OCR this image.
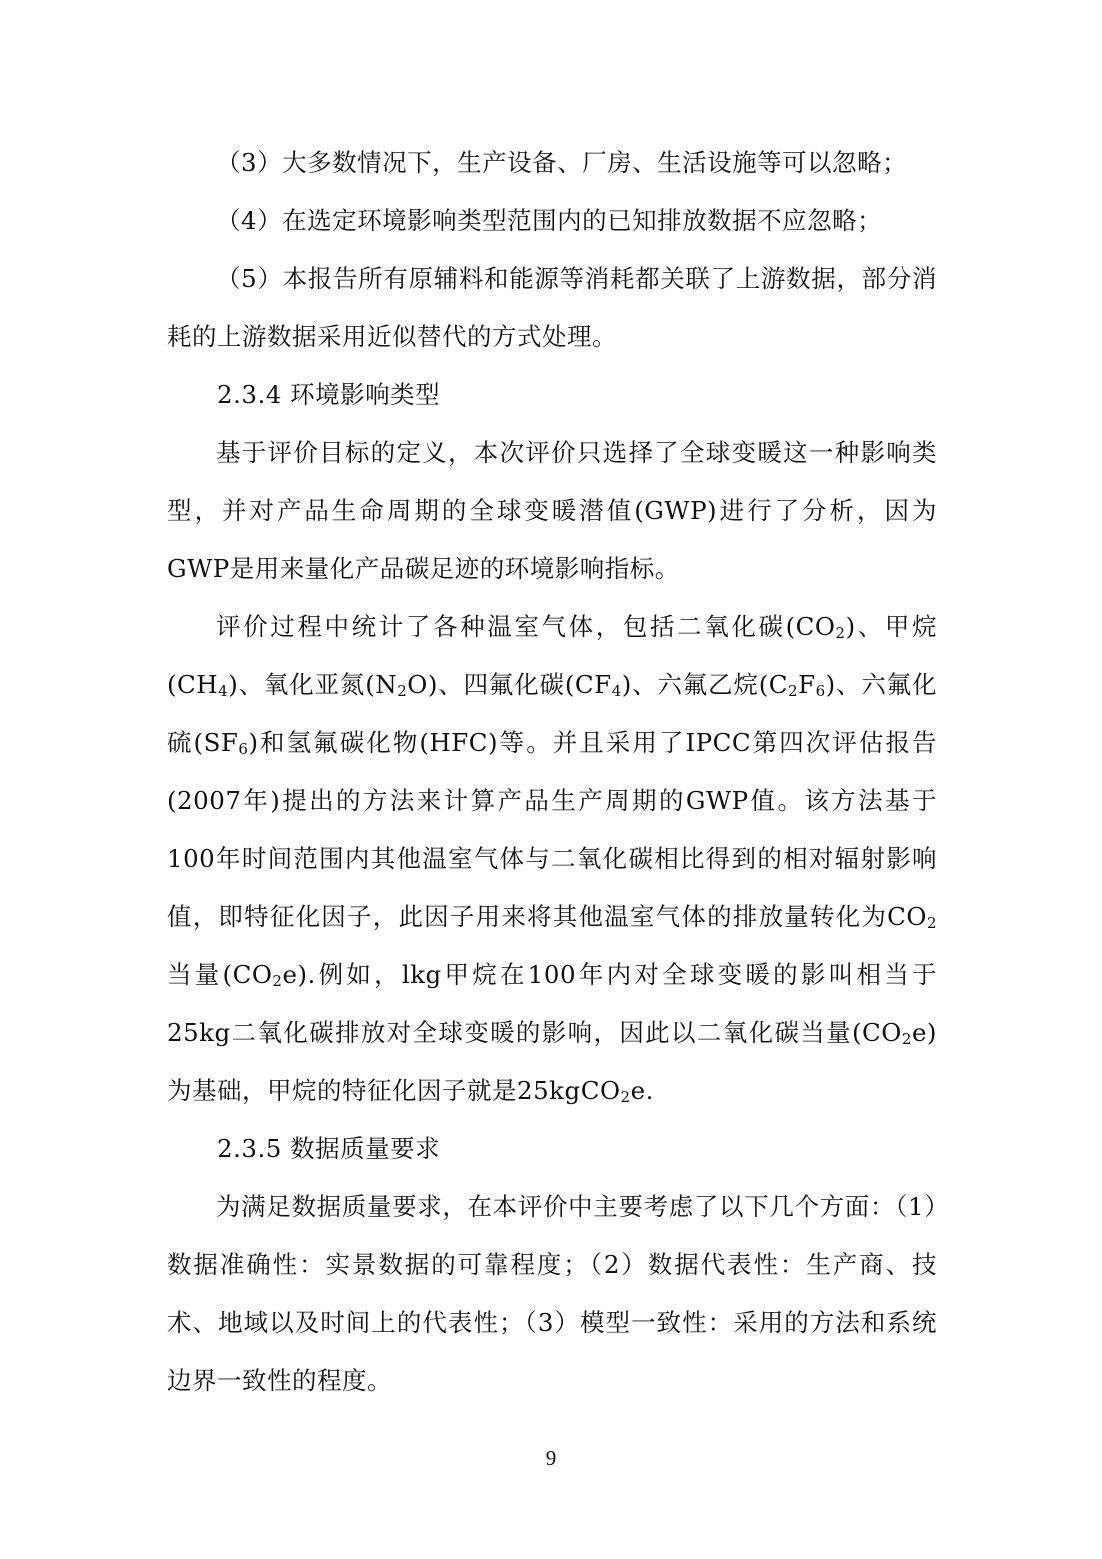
（3）大多数情况下，生产设备、厂房、生活设施等可以忽略；

（4）在选定环境影响类型范围内的已知排放数据不应忽略；

（5）本报告所有原辅料和能源等消耗都关联了上游数据，部分消耗的上游数据采用近似替代的方式处理。

2.3.4 环境影响类型

基于评价目标的定义，本次评价只选择了全球变暖这一种影响类型，并对产品生命周期的全球变暖潜值(GWP)进行了分析，因为GWP是用来量化产品碳足迹的环境影响指标。

评价过程中统计了各种温室气体，包括二氧化碳$(CO_2)$、甲烷$(CH_4)$、氧化亚氮$(N_2O)$、四氟化碳$(CF_4)$、六氟乙烷$(C_2F_6)$、六氟化硫$(SF_6)$和氢氟碳化物(HFC)等。并且采用了IPCC第四次评估报告(2007年)提出的方法来计算产品生产周期的GWP值。该方法基于100年时间范围内其他温室气体与二氧化碳相比得到的相对辐射影响值，即特征化因子，此因子用来将其他温室气体的排放量转化为$CO_2$当量$(CO_2e)$.例如，lkg甲烷在100年内对全球变暖的影叫相当于25kg二氧化碳排放对全球变暖的影响，因此以二氧化碳当量$(CO_2e)$为基础，甲烷的特征化因子就是25kgCO$_2$e.

2.3.5 数据质量要求

为满足数据质量要求，在本评价中主要考虑了以下几个方面：（1）数据准确性：实景数据的可靠程度；（2）数据代表性：生产商、技术、地域以及时间上的代表性；（3）模型一致性：采用的方法和系统边界一致性的程度。

9
